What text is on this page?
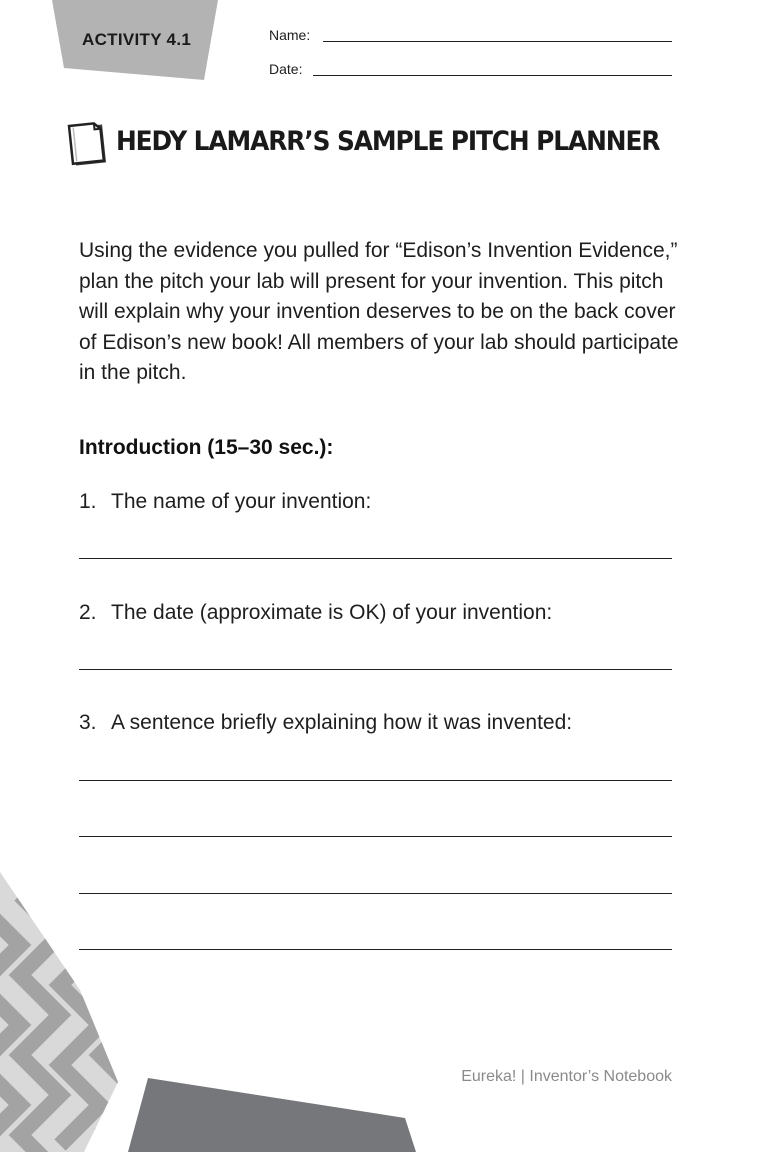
ACTIVITY 4.1	Name:
Date:
HEDY LAMARR’S SAMPLE PITCH PLANNER

Using the evidence you pulled for “Edison’s Invention Evidence,” plan the pitch your lab will present for your invention. This pitch will explain why your invention deserves to be on the back cover of Edison’s new book! All members of your lab should participate in the pitch.

Introduction (15–30 sec.):
1. The name of your invention:
2. The date (approximate is OK) of your invention:
3. A sentence briefly explaining how it was invented:
Eureka! | Inventor’s Notebook
